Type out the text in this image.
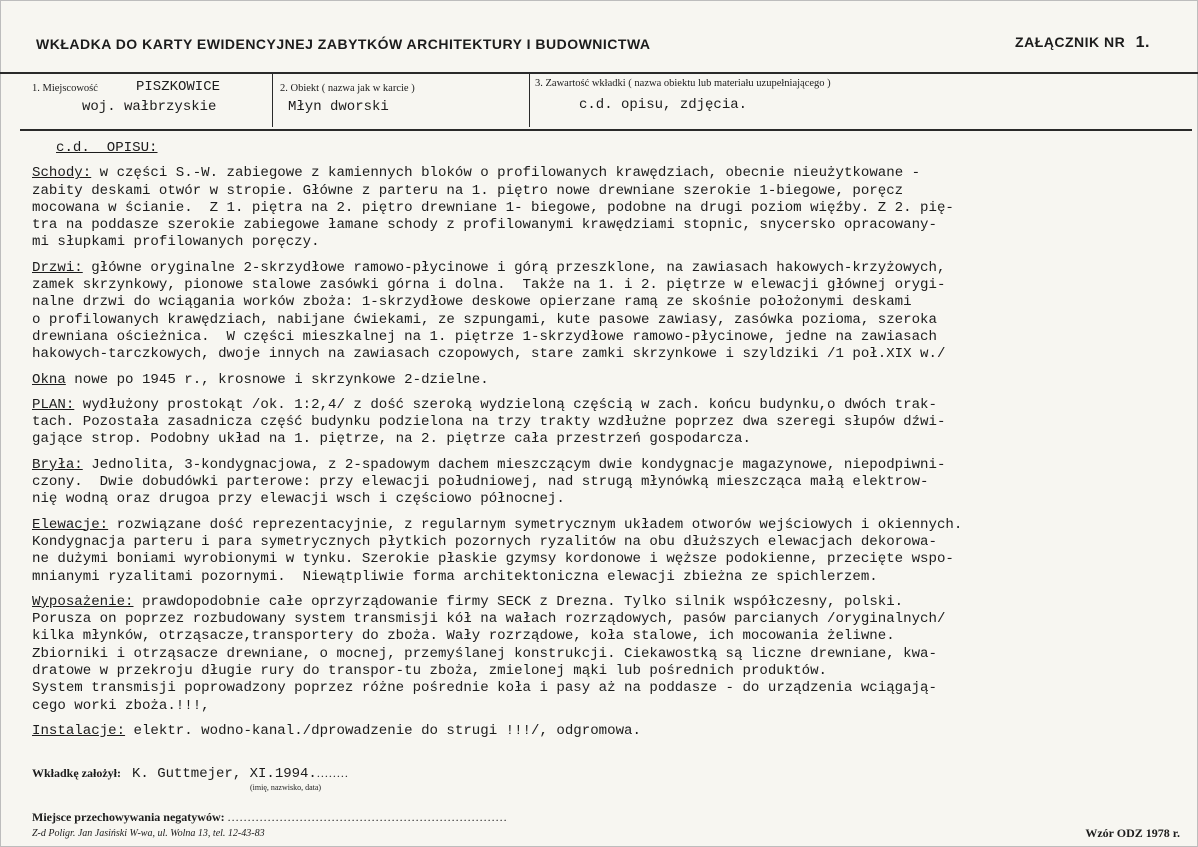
WKŁADKA DO KARTY EWIDENCYJNEJ ZABYTKÓW ARCHITEKTURY I BUDOWNICTWA	ZAŁĄCZNIK NR 1.
1. Miejscowość	PISZKOWICE
woj. wałbrzyskie
2. Obiekt ( nazwa jak w karcie )
Młyn dworski
3. Zawartość wkładki ( nazwa obiektu lub materiału uzupełniającego )
c.d. opisu, zdjęcia.

c.d.  OPISU:

Schody: w części S.-W. zabiegowe z kamiennych bloków o profilowanych krawędziach, obecnie nieużytkowane -

zabity deskami otwór w stropie. Główne z parteru na 1. piętro nowe drewniane szerokie 1-biegowe, poręcz

mocowana w ścianie.  Z 1. piętra na 2. piętro drewniane 1- biegowe, podobne na drugi poziom więźby. Z 2. pię-

tra na poddasze szerokie zabiegowe łamane schody z profilowanymi krawędziami stopnic, snycersko opracowany-

mi słupkami profilowanych poręczy.

Drzwi: główne oryginalne 2-skrzydłowe ramowo-płycinowe i górą przeszklone, na zawiasach hakowych-krzyżowych,

zamek skrzynkowy, pionowe stalowe zasówki górna i dolna.  Także na 1. i 2. piętrze w elewacji głównej orygi-

nalne drzwi do wciągania worków zboża: 1-skrzydłowe deskowe opierzane ramą ze skośnie położonymi deskami

o profilowanych krawędziach, nabijane ćwiekami, ze szpungami, kute pasowe zawiasy, zasówka pozioma, szeroka

drewniana ościeżnica.  W części mieszkalnej na 1. piętrze 1-skrzydłowe ramowo-płycinowe, jedne na zawiasach

hakowych-tarczkowych, dwoje innych na zawiasach czopowych, stare zamki skrzynkowe i szyldziki /1 poł.XIX w./

Okna nowe po 1945 r., krosnowe i skrzynkowe 2-dzielne.

PLAN: wydłużony prostokąt /ok. 1:2,4/ z dość szeroką wydzieloną częścią w zach. końcu budynku,o dwóch trak-

tach. Pozostała zasadnicza część budynku podzielona na trzy trakty wzdłużne poprzez dwa szeregi słupów dźwi-

gające strop. Podobny układ na 1. piętrze, na 2. piętrze cała przestrzeń gospodarcza.

Bryła: Jednolita, 3-kondygnacjowa, z 2-spadowym dachem mieszczącym dwie kondygnacje magazynowe, niepodpiwni-

czony.  Dwie dobudówki parterowe: przy elewacji południowej, nad strugą młynówką mieszcząca małą elektrow-

nię wodną oraz drugoa przy elewacji wsch i częściowo północnej.

Elewacje: rozwiązane dość reprezentacyjnie, z regularnym symetrycznym układem otworów wejściowych i okiennych.

Kondygnacja parteru i para symetrycznych płytkich pozornych ryzalitów na obu dłuższych elewacjach dekorowa-

ne dużymi boniami wyrobionymi w tynku. Szerokie płaskie gzymsy kordonowe i węższe podokienne, przecięte wspo-

mnianymi ryzalitami pozornymi.  Niewątpliwie forma architektoniczna elewacji zbieżna ze spichlerzem.

Wyposażenie: prawdopodobnie całe oprzyrządowanie firmy SECK z Drezna. Tylko silnik współczesny, polski.

Porusza on poprzez rozbudowany system transmisji kół na wałach rozrządowych, pasów parcianych /oryginalnych/

kilka młynków, otrząsacze,transportery do zboża. Wały rozrządowe, koła stalowe, ich mocowania żeliwne.

Zbiorniki i otrząsacze drewniane, o mocnej, przemyślanej konstrukcji. Ciekawostką są liczne drewniane, kwa-

dratowe w przekroju długie rury do transpor-tu zboża, zmielonej mąki lub pośrednich produktów.

System transmisji poprowadzony poprzez różne pośrednie koła i pasy aż na poddasze - do urządzenia wciągają-

cego worki zboża.!!!,

Instalacje: elektr. wodno-kanal./dprowadzenie do strugi !!!/, odgromowa.

Wkładkę założył: K. Guttmejer, XI.1994.........
(imię, nazwisko, data)
Miejsce przechowywania negatywów: ......................................................................
Z-d Poligr. Jan Jasiński W-wa, ul. Wolna 13, tel. 12-43-83	Wzór ODZ 1978 r.
